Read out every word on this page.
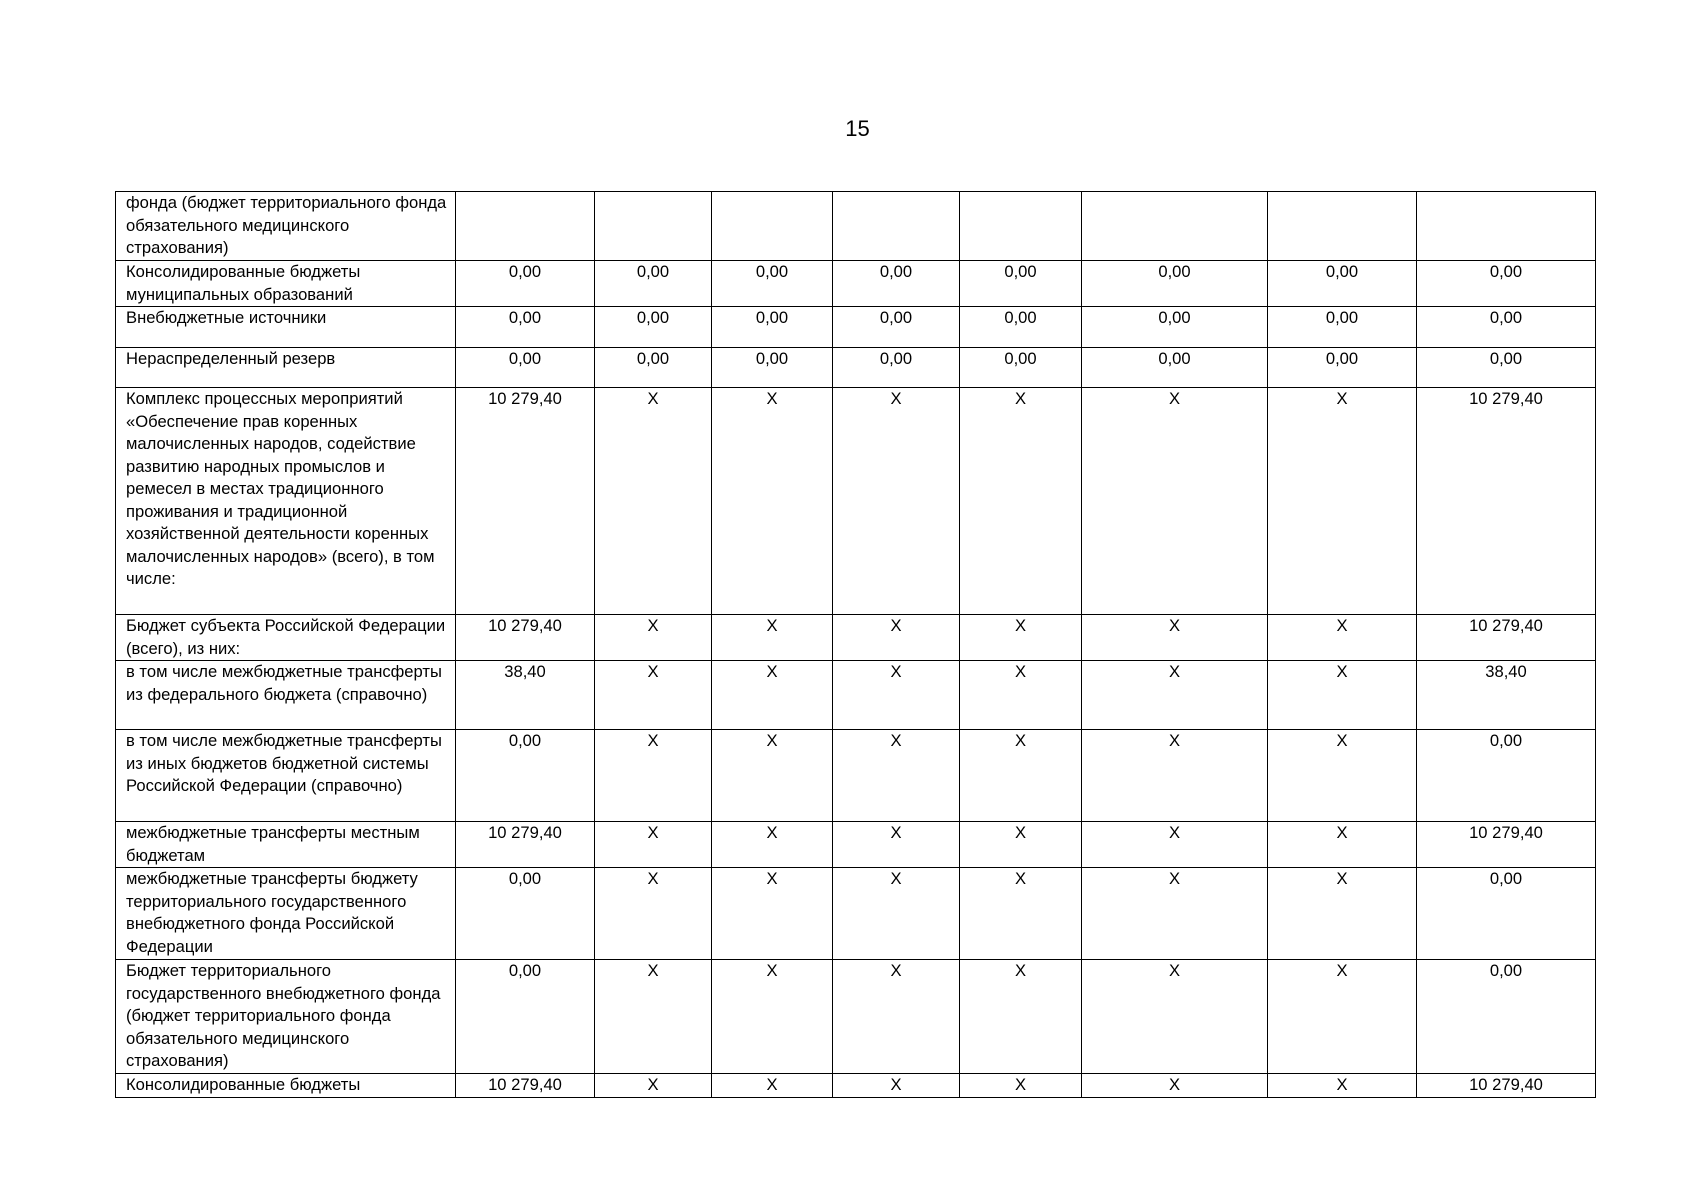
15
фонда (бюджет территориального фонда обязательного медицинского страхования)								
Консолидированные бюджеты муниципальных образований	0,00	0,00	0,00	0,00	0,00	0,00	0,00	0,00
Внебюджетные источники	0,00	0,00	0,00	0,00	0,00	0,00	0,00	0,00
Нераспределенный резерв	0,00	0,00	0,00	0,00	0,00	0,00	0,00	0,00
Комплекс процессных мероприятий «Обеспечение прав коренных малочисленных народов, содействие развитию народных промыслов и ремесел в местах традиционного проживания и традиционной хозяйственной деятельности коренных малочисленных народов» (всего), в том числе:	10 279,40	X	X	X	X	X	X	10 279,40
Бюджет субъекта Российской Федерации (всего), из них:	10 279,40	X	X	X	X	X	X	10 279,40
в том числе межбюджетные трансферты из федерального бюджета (справочно)	38,40	X	X	X	X	X	X	38,40
в том числе межбюджетные трансферты из иных бюджетов бюджетной системы Российской Федерации (справочно)	0,00	X	X	X	X	X	X	0,00
межбюджетные трансферты местным бюджетам	10 279,40	X	X	X	X	X	X	10 279,40
межбюджетные трансферты бюджету территориального государственного внебюджетного фонда Российской Федерации	0,00	X	X	X	X	X	X	0,00
Бюджет территориального государственного внебюджетного фонда (бюджет территориального фонда обязательного медицинского страхования)	0,00	X	X	X	X	X	X	0,00
Консолидированные бюджеты	10 279,40	X	X	X	X	X	X	10 279,40
